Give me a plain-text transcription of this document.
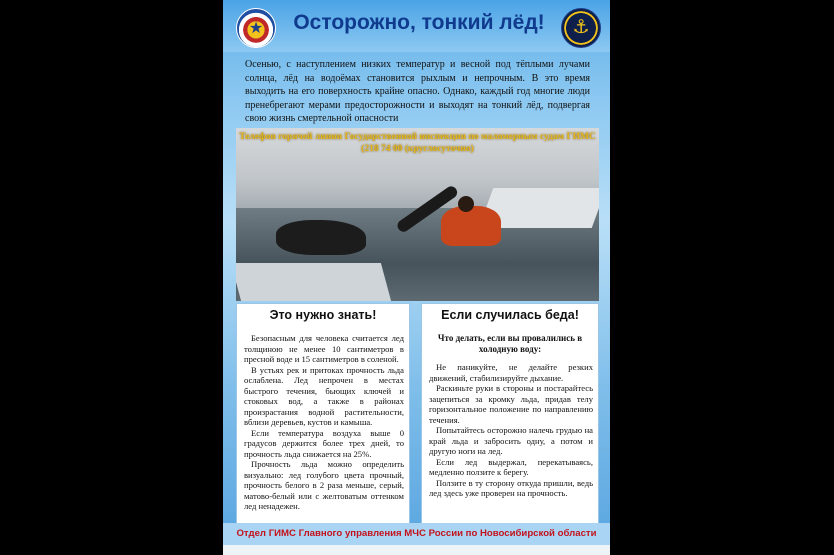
★	Осторожно, тонкий лёд!	⚓
Осенью, с наступлением низких температур и весной под тёплыми лучами солнца, лёд на водоёмах становится рыхлым и непрочным. В это время выходить на его поверхность крайне опасно. Однако, каждый год многие люди пренебрегают мерами предосторожности и выходят на тонкий лёд, подвергая свою жизнь смертельной опасности
Телефон горячей линии Государственной инспекции по маломерным судам ГИМС (218 74 00 (круглосуточно)
Это нужно знать!

Безопасным для человека считается лед толщиною не менее 10 сантиметров в пресной воде и 15 сантиметров в соленой.

В устьях рек и притоках прочность льда ослаблена. Лед непрочен в местах быстрого течения, бьющих ключей и стоковых вод, а также в районах произрастания водной растительности, вблизи деревьев, кустов и камыша.

Если температура воздуха выше 0 градусов держится более трех дней, то прочность льда снижается на 25%.

Прочность льда можно определить визуально: лед голубого цвета прочный, прочность белого в 2 раза меньше, серый, матово-белый или с желтоватым оттенком лед ненадежен.

Если случилась беда!
Что делать, если вы провалились в холодную воду:

Не паникуйте, не делайте резких движений, стабилизируйте дыхание.

Раскиньте руки в стороны и постарайтесь зацепиться за кромку льда, придав телу горизонтальное положение по направлению течения.

Попытайтесь осторожно налечь грудью на край льда и забросить одну, а потом и другую ноги на лед.

Если лед выдержал, перекатываясь, медленно ползите к берегу.

Ползите в ту сторону откуда пришли, ведь лед здесь уже проверен на прочность.

Отдел ГИМС Главного управления МЧС России по Новосибирской области
